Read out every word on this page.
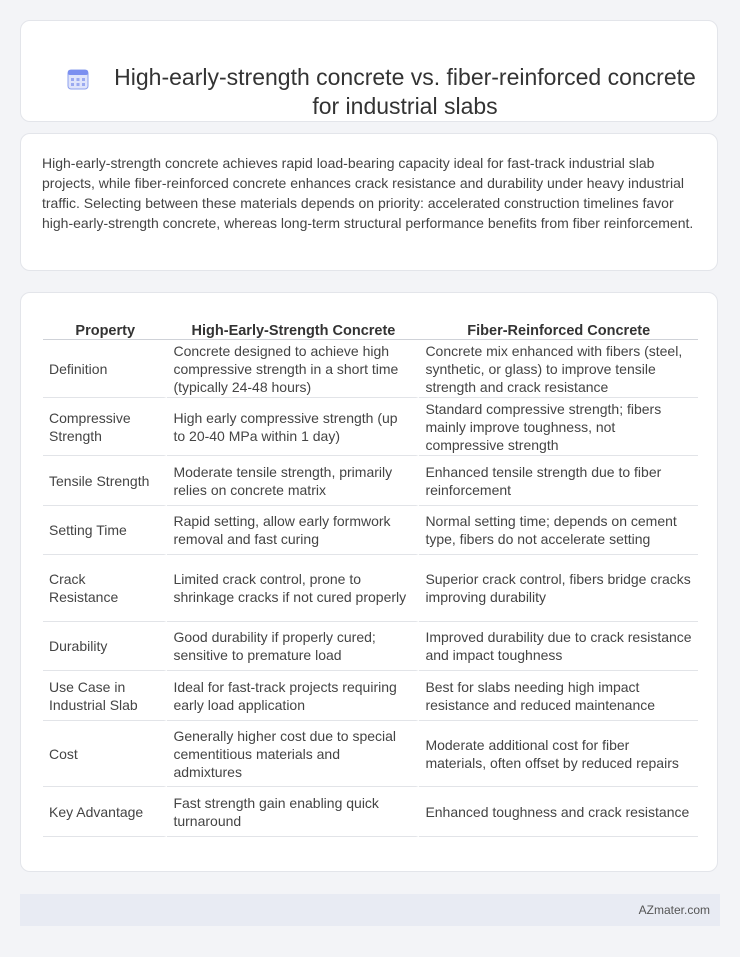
High-early-strength concrete vs. fiber-reinforced concrete for industrial slabs

High-early-strength concrete achieves rapid load-bearing capacity ideal for fast-track industrial slab projects, while fiber-reinforced concrete enhances crack resistance and durability under heavy industrial traffic. Selecting between these materials depends on priority: accelerated construction timelines favor high-early-strength concrete, whereas long-term structural performance benefits from fiber reinforcement.

Property	High-Early-Strength Concrete	Fiber-Reinforced Concrete
Definition	Concrete designed to achieve high compressive strength in a short time (typically 24-48 hours)	Concrete mix enhanced with fibers (steel, synthetic, or glass) to improve tensile strength and crack resistance
Compressive Strength	High early compressive strength (up to 20-40 MPa within 1 day)	Standard compressive strength; fibers mainly improve toughness, not compressive strength
Tensile Strength	Moderate tensile strength, primarily relies on concrete matrix	Enhanced tensile strength due to fiber reinforcement
Setting Time	Rapid setting, allow early formwork removal and fast curing	Normal setting time; depends on cement type, fibers do not accelerate setting
Crack Resistance	Limited crack control, prone to shrinkage cracks if not cured properly	Superior crack control, fibers bridge cracks improving durability
Durability	Good durability if properly cured; sensitive to premature load	Improved durability due to crack resistance and impact toughness
Use Case in Industrial Slab	Ideal for fast-track projects requiring early load application	Best for slabs needing high impact resistance and reduced maintenance
Cost	Generally higher cost due to special cementitious materials and admixtures	Moderate additional cost for fiber materials, often offset by reduced repairs
Key Advantage	Fast strength gain enabling quick turnaround	Enhanced toughness and crack resistance
AZmater.com
